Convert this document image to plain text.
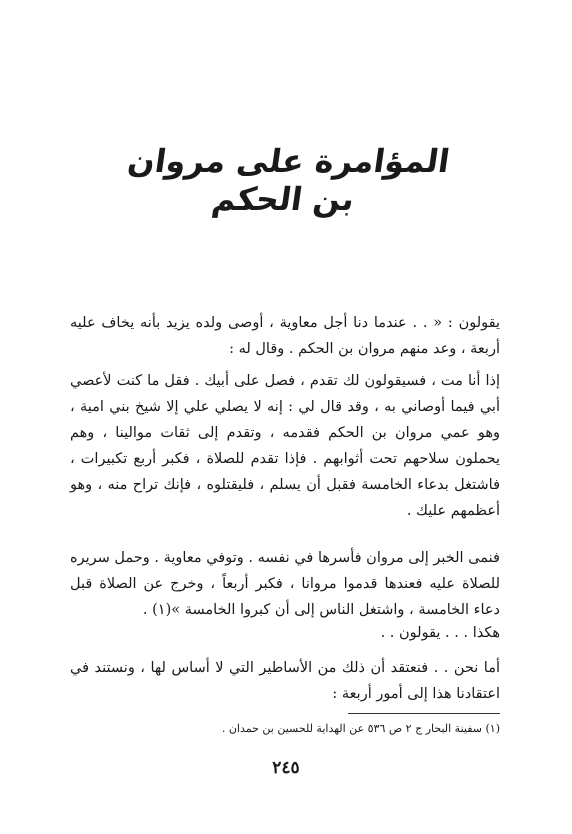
المؤامرة على مروان بن الحكم

يقولون : « . . عندما دنا أجل معاوية ، أوصى ولده يزيد بأنه يخاف عليه أربعة ، وعد منهم مروان بن الحكم . وقال له :

إذا أنا مت ، فسيقولون لك تقدم ، فصل على أبيك . فقل ما كنت لأعصي أبي فيما أوصاني به ، وقد قال لي : إنه لا يصلي علي إلا شيخ بني امية ، وهو عمي مروان بن الحكم فقدمه ، وتقدم إلى ثقات موالينا ، وهم يحملون سلاحهم تحت أثوابهم . فإذا تقدم للصلاة ، فكبر أربع تكبيرات ، فاشتغل بدعاء الخامسة فقبل أن يسلم ، فليقتلوه ، فإنك تراح منه ، وهو أعظمهم عليك .

فنمى الخبر إلى مروان فأسرها في نفسه . وتوفي معاوية . وحمل سريره للصلاة عليه فعندها قدموا مروانا ، فكبر أربعاً ، وخرج عن الصلاة قبل دعاء الخامسة ، واشتغل الناس إلى أن كبروا الخامسة »(١) .

هكذا . . . يقولون . .

أما نحن . . فنعتقد أن ذلك من الأساطير التي لا أساس لها ، ونستند في اعتقادنا هذا إلى أمور أربعة :

(١) سفينة البحار ج ٢ ص ٥٣٦ عن الهداية للحسين بن حمدان .

٢٤٥
